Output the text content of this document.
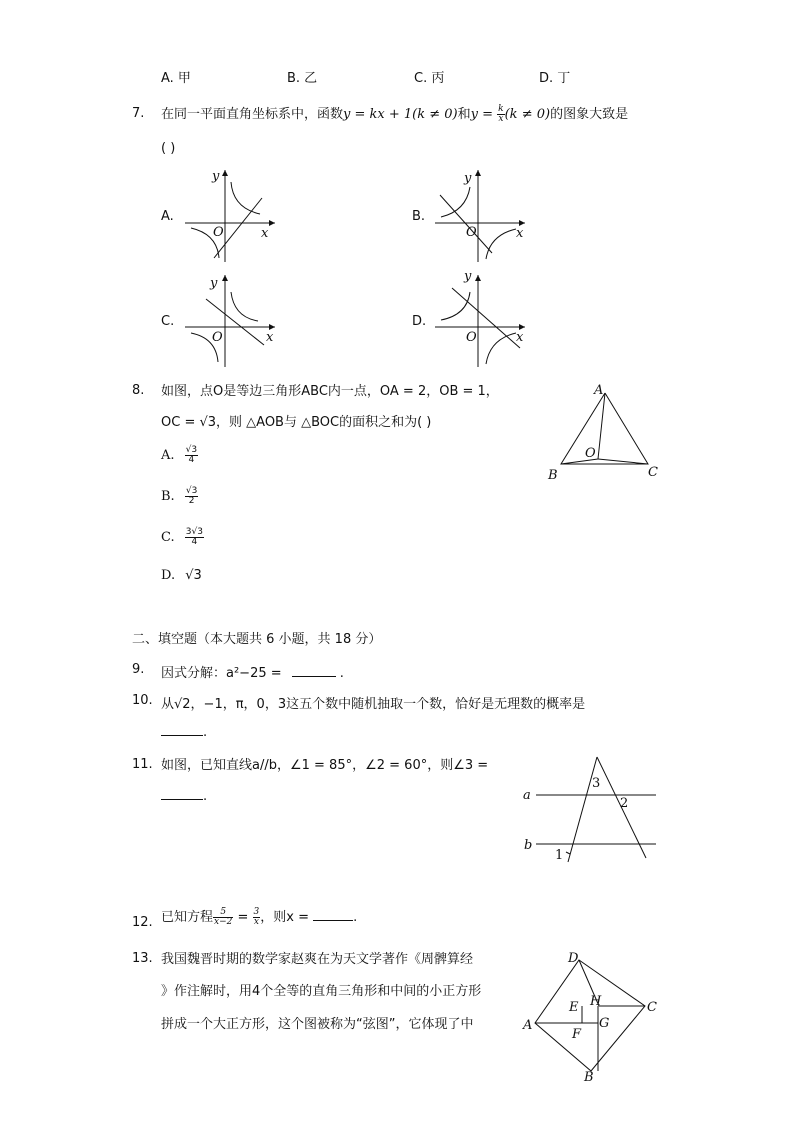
A. 甲	B. 乙	C. 丙	D. 丁
7. 在同一平面直角坐标系中，函数y = kx + 1(k ≠ 0)和$y = \frac{k}{x} (k \ne 0)$的图象大致是
( )
A.	B.
C.	D.
y
x
O
y
x
O
y
x
O
y
x
O
8. 如图，点O是等边三角形ABC内一点，OA = 2，OB = 1，
OC = √3，则 △AOB与 △BOC的面积之和为( )
A. $\frac{√3}{4}$
B. $\frac{√3}{2}$
C. $\frac{3√3}{4}$
D. √3
A
B	C
O
二、填空题（本大题共 6 小题，共 18 分）
9. 因式分解：a²−25 =	.
10. 从√2，−1，π，0，3这五个数中随机抽取一个数，恰好是无理数的概率是
.
11. 如图，已知直线a//b，∠1 = 85°，∠2 = 60°，则∠3 =
.	a
b
1
2
3
12. 已知方程 $\frac{5}{x-2} = \frac{3}{x}$ ，则x =	.
13. 我国魏晋时期的数学家赵爽在为天文学著作《周髀算经
》作注解时，用4个全等的直角三角形和中间的小正方形
拼成一个大正方形，这个图被称为“弦图”，它体现了中
D
C
B
A
E H
G
F
